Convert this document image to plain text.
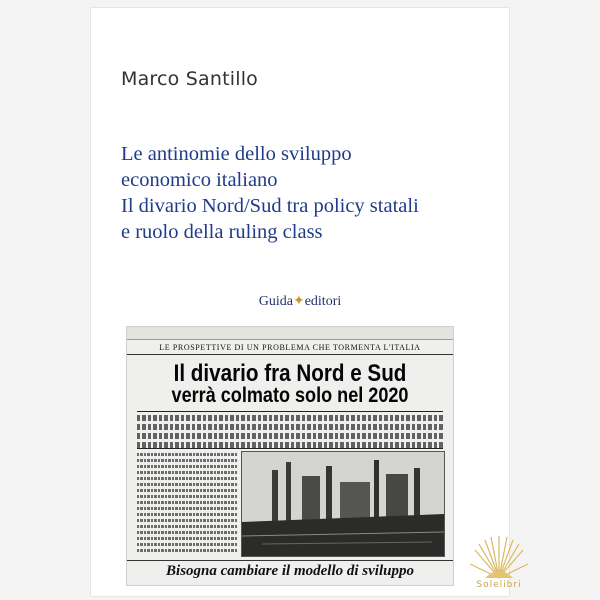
Marco Santillo
Le antinomie dello sviluppo
economico italiano
Il divario Nord/Sud tra policy statali
e ruolo della ruling class
Guida✦editori
LE PROSPETTIVE DI UN PROBLEMA CHE TORMENTA L'ITALIA
Il divario fra Nord e Sud
verrà colmato solo nel 2020
Bisogna cambiare il modello di sviluppo
Solelibri
